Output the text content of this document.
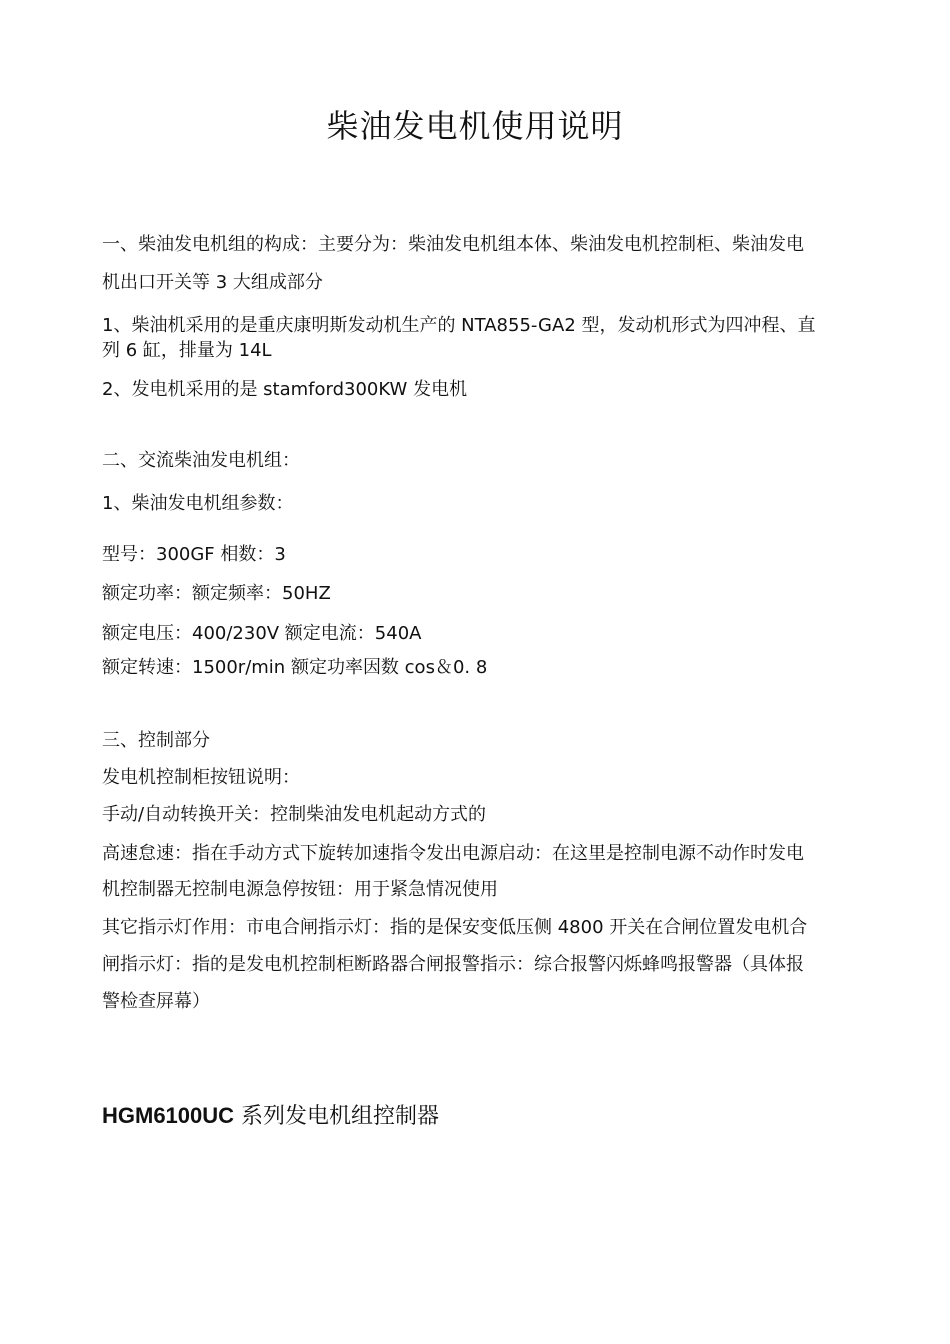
柴油发电机使用说明
一、柴油发电机组的构成：主要分为：柴油发电机组本体、柴油发电机控制柜、柴油发电
机出口开关等 3 大组成部分
1、柴油机采用的是重庆康明斯发动机生产的 NTA855-GA2 型，发动机形式为四冲程、直
列 6 缸，排量为 14L
2、发电机采用的是 stamford300KW 发电机
二、交流柴油发电机组：
1、柴油发电机组参数：
型号：300GF 相数：3
额定功率：额定频率：50HZ
额定电压：400/230V 额定电流：540A
额定转速：1500r/min 额定功率因数 cos＆0. 8
三、控制部分
发电机控制柜按钮说明：
手动/自动转换开关：控制柴油发电机起动方式的
高速怠速：指在手动方式下旋转加速指令发出电源启动：在这里是控制电源不动作时发电
机控制器无控制电源急停按钮：用于紧急情况使用
其它指示灯作用：市电合闸指示灯：指的是保安变低压侧 4800 开关在合闸位置发电机合
闸指示灯：指的是发电机控制柜断路器合闸报警指示：综合报警闪烁蜂鸣报警器（具体报
警检查屏幕）
HGM6100UC 系列发电机组控制器
